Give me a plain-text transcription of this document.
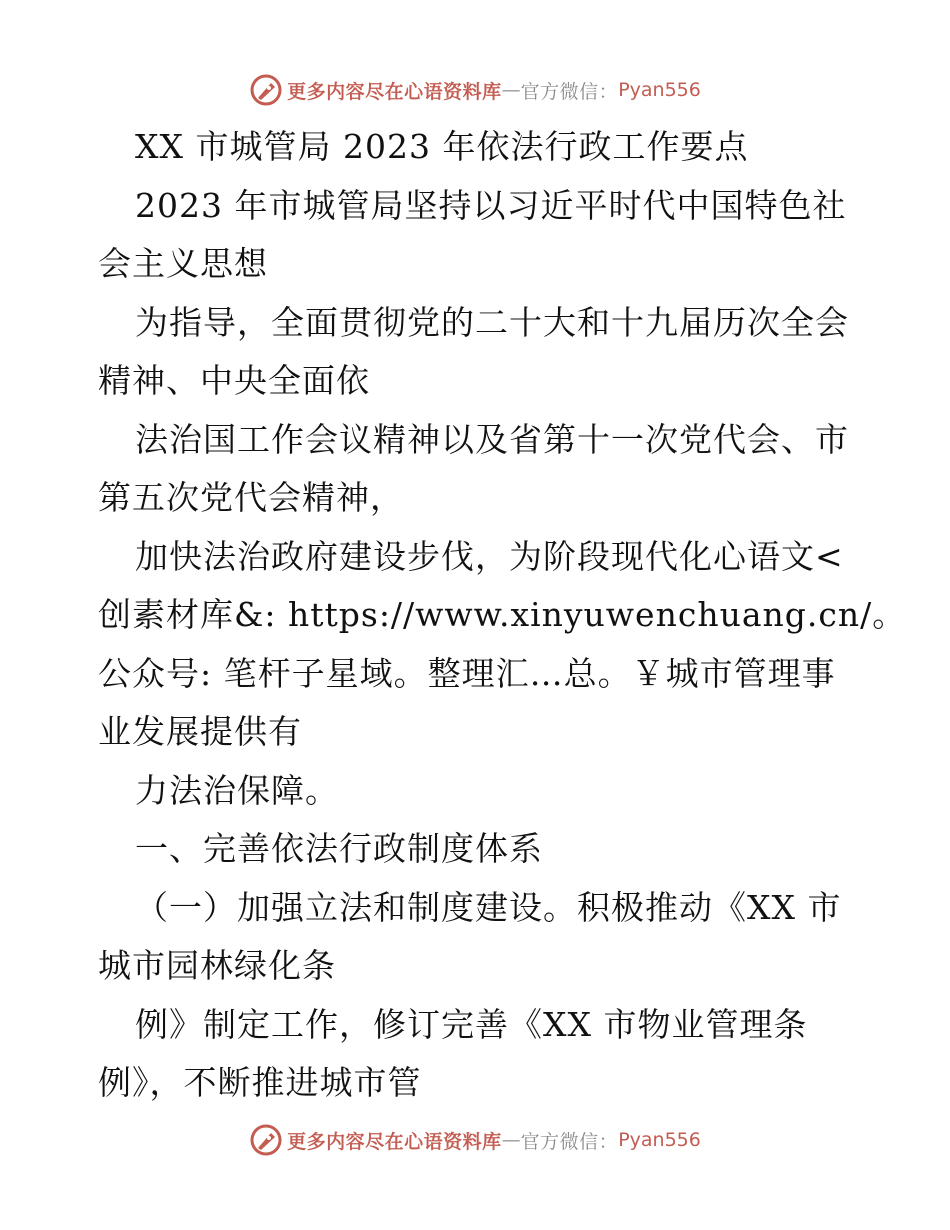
更多内容尽在心语资料库 — 官方微信： Pyan556
XX 市城管局 2023 年依法行政工作要点
2023 年市城管局坚持以习近平时代中国特色社
会主义思想
为指导，全面贯彻党的二十大和十九届历次全会
精神、中央全面依
法治国工作会议精神以及省第十一次党代会、市
第五次党代会精神，
加快法治政府建设步伐，为阶段现代化心语文<
创素材库&: https://www.xinyuwenchuang.cn/。
公众号: 笔杆子星域。整理汇…总。￥城市管理事
业发展提供有
力法治保障。
一、完善依法行政制度体系
（一）加强立法和制度建设。积极推动《XX 市
城市园林绿化条
例》制定工作，修订完善《XX 市物业管理条
例》，不断推进城市管
更多内容尽在心语资料库 — 官方微信： Pyan556
